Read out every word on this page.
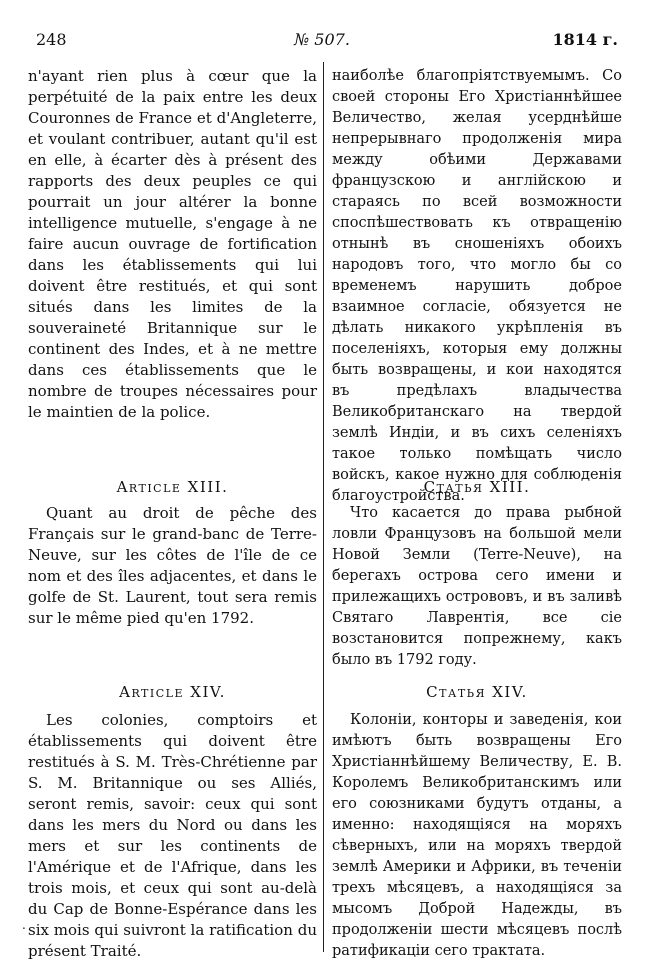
248	№ 507.	1814 г.
n'ayant rien plus à cœur que la perpétuité de la paix entre les deux Couronnes de France et d'Angleterre, et voulant contribuer, autant qu'il est en elle, à écarter dès à présent des rapports des deux peuples ce qui pourrait un jour altérer la bonne intelligence mutuelle, s'engage à ne faire aucun ouvrage de fortification dans les établissements qui lui doivent être restitués, et qui sont situés dans les limites de la souveraineté Britannique sur le continent des Indes, et à ne mettre dans ces établissements que le nombre de troupes nécessaires pour le maintien de la police.
наиболѣе благопріятствуемымъ. Со своей стороны Его Христіаннѣйшее Величество, желая усерднѣйше непрерывнаго продолженія мира между обѣими Державами французскою и англійскою и стараясь по всей возможности споспѣшествовать къ отвращенію отнынѣ въ сношеніяхъ обоихъ народовъ того, что могло бы со временемъ нарушить доброе взаимное согласіе, обязуется не дѣлать никакого укрѣпленія въ поселеніяхъ, которыя ему должны быть возвращены, и кои находятся въ предѣлахъ владычества Великобританскаго на твердой землѣ Индіи, и въ сихъ селеніяхъ такое только помѣщать число войскъ, какое нужно для соблюденія благоустройства.
Article XIII.	Статья XIII.
Quant au droit de pêche des Français sur le grand-banc de Terre-Neuve, sur les côtes de l'île de ce nom et des îles adjacentes, et dans le golfe de St. Laurent, tout sera remis sur le même pied qu'en 1792.
Что касается до права рыбной ловли Французовъ на большой мели Новой Земли (Terre-Neuve), на берегахъ острова сего имени и прилежащихъ острововъ, и въ заливѣ Святаго Лаврентія, все сіе возстановится попрежнему, какъ было въ 1792 году.
Article XIV.	Статья XIV.
Les colonies, comptoirs et établissements qui doivent être restitués à S. M. Très-Chrétienne par S. M. Britannique ou ses Alliés, seront remis, savoir: ceux qui sont dans les mers du Nord ou dans les mers et sur les continents de l'Amérique et de l'Afrique, dans les trois mois, et ceux qui sont au-delà du Cap de Bonne-Espérance dans les six mois qui suivront la ratification du présent Traité.
Колоніи, конторы и заведенія, кои имѣютъ быть возвращены Его Христіаннѣйшему Величеству, Е. В. Королемъ Великобританскимъ или его союзниками будутъ отданы, а именно: находящіяся на моряхъ сѣверныхъ, или на моряхъ твердой землѣ Америки и Африки, въ теченіи трехъ мѣсяцевъ, а находящіяся за мысомъ Доброй Надежды, въ продолженіи шести мѣсяцевъ послѣ ратификаціи сего трактата.
.
